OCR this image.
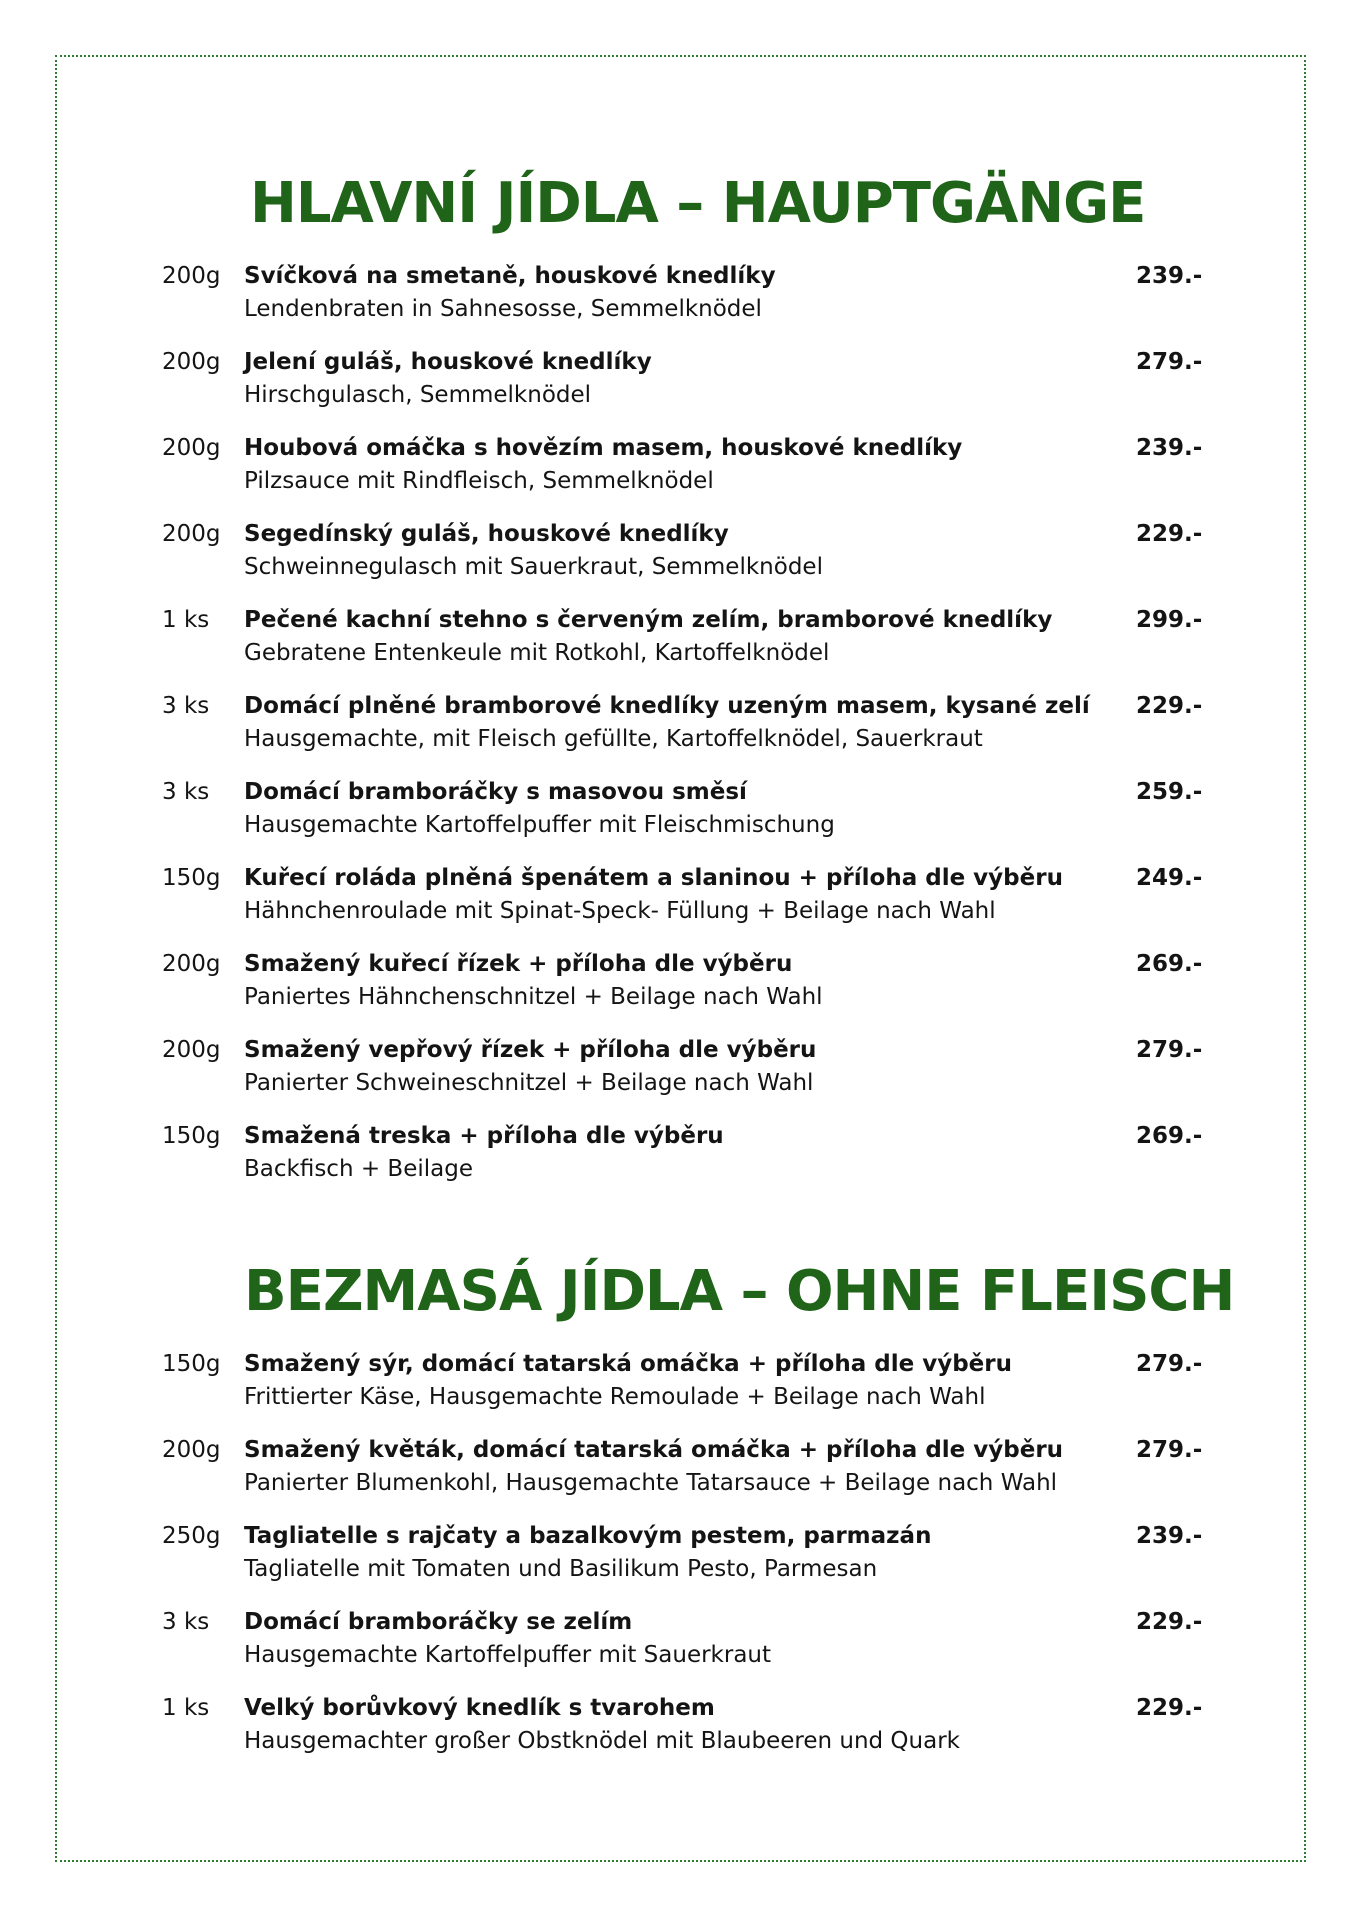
HLAVNÍ JÍDLA – HAUPTGÄNGE
200g Svíčková na smetaně, houskové knedlíky
Lendenbraten in Sahnesosse, Semmelknödel
239.-
200g Jelení guláš, houskové knedlíky
Hirschgulasch, Semmelknödel
279.-
200g Houbová omáčka s hovězím masem, houskové knedlíky
Pilzsauce mit Rindfleisch, Semmelknödel
239.-
200g Segedínský guláš, houskové knedlíky
Schweinnegulasch mit Sauerkraut, Semmelknödel
229.-
1 ks Pečené kachní stehno s červeným zelím, bramborové knedlíky
Gebratene Entenkeule mit Rotkohl, Kartoffelknödel
299.-
3 ks Domácí plněné bramborové knedlíky uzeným masem, kysané zelí
Hausgemachte, mit Fleisch gefüllte, Kartoffelknödel, Sauerkraut
229.-
3 ks Domácí bramboráčky s masovou směsí
Hausgemachte Kartoffelpuffer mit Fleischmischung
259.-
150g Kuřecí roláda plněná špenátem a slaninou + příloha dle výběru
Hähnchenroulade mit Spinat-Speck- Füllung + Beilage nach Wahl
249.-
200g Smažený kuřecí řízek + příloha dle výběru
Paniertes Hähnchenschnitzel + Beilage nach Wahl
269.-
200g Smažený vepřový řízek + příloha dle výběru
Panierter Schweineschnitzel + Beilage nach Wahl
279.-
150g Smažená treska + příloha dle výběru
Backfisch + Beilage
269.-
BEZMASÁ JÍDLA – OHNE FLEISCH
150g Smažený sýr, domácí tatarská omáčka + příloha dle výběru
Frittierter Käse, Hausgemachte Remoulade + Beilage nach Wahl
279.-
200g Smažený květák, domácí tatarská omáčka + příloha dle výběru
Panierter Blumenkohl, Hausgemachte Tatarsauce + Beilage nach Wahl
279.-
250g Tagliatelle s rajčaty a bazalkovým pestem, parmazán
Tagliatelle mit Tomaten und Basilikum Pesto, Parmesan
239.-
3 ks Domácí bramboráčky se zelím
Hausgemachte Kartoffelpuffer mit Sauerkraut
229.-
1 ks Velký borůvkový knedlík s tvarohem
Hausgemachter großer Obstknödel mit Blaubeeren und Quark
229.-
